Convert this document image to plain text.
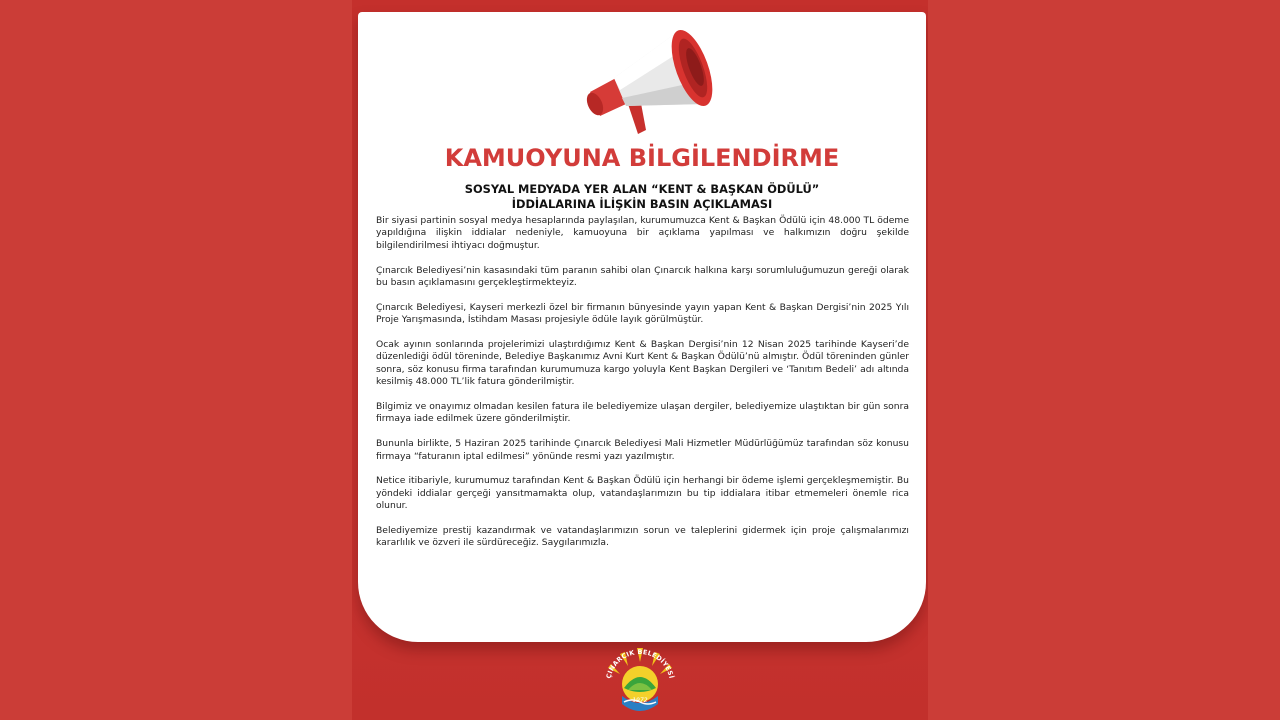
KAMUOYUNA BİLGİLENDİRME
SOSYAL MEDYADA YER ALAN “KENT & BAŞKAN ÖDÜLÜ”
İDDİALARINA İLİŞKİN BASIN AÇIKLAMASI

Bir siyasi partinin sosyal medya hesaplarında paylaşılan, kurumumuzca Kent & Başkan Ödülü için 48.000 TL ödeme yapıldığına ilişkin iddialar nedeniyle, kamuoyuna bir açıklama yapılması ve halkımızın doğru şekilde bilgilendirilmesi ihtiyacı doğmuştur.

Çınarcık Belediyesi’nin kasasındaki tüm paranın sahibi olan Çınarcık halkına karşı sorumluluğumuzun gereği olarak bu basın açıklamasını gerçekleştirmekteyiz.

Çınarcık Belediyesi, Kayseri merkezli özel bir firmanın bünyesinde yayın yapan Kent & Başkan Dergisi’nin 2025 Yılı Proje Yarışmasında, İstihdam Masası projesiyle ödüle layık görülmüştür.

Ocak ayının sonlarında projelerimizi ulaştırdığımız Kent & Başkan Dergisi’nin 12 Nisan 2025 tarihinde Kayseri’de düzenlediği ödül töreninde, Belediye Başkanımız Avni Kurt Kent & Başkan Ödülü’nü almıştır. Ödül töreninden günler sonra, söz konusu firma tarafından kurumumuza kargo yoluyla Kent Başkan Dergileri ve ‘Tanıtım Bedeli’ adı altında kesilmiş 48.000 TL’lik fatura gönderilmiştir.

Bilgimiz ve onayımız olmadan kesilen fatura ile belediyemize ulaşan dergiler, belediyemize ulaştıktan bir gün sonra firmaya iade edilmek üzere gönderilmiştir.

Bununla birlikte, 5 Haziran 2025 tarihinde Çınarcık Belediyesi Mali Hizmetler Müdürlüğümüz tarafından söz konusu firmaya “faturanın iptal edilmesi” yönünde resmi yazı yazılmıştır.

Netice itibariyle, kurumumuz tarafından Kent & Başkan Ödülü için herhangi bir ödeme işlemi gerçekleşmemiştir. Bu yöndeki iddialar gerçeği yansıtmamakta olup, vatandaşlarımızın bu tip iddialara itibar etmemeleri önemle rica olunur.

Belediyemize prestij kazandırmak ve vatandaşlarımızın sorun ve taleplerini gidermek için proje çalışmalarımızı kararlılık ve özveri ile sürdüreceğiz. Saygılarımızla.

1972
ÇINARCIK BELEDİYESİ
